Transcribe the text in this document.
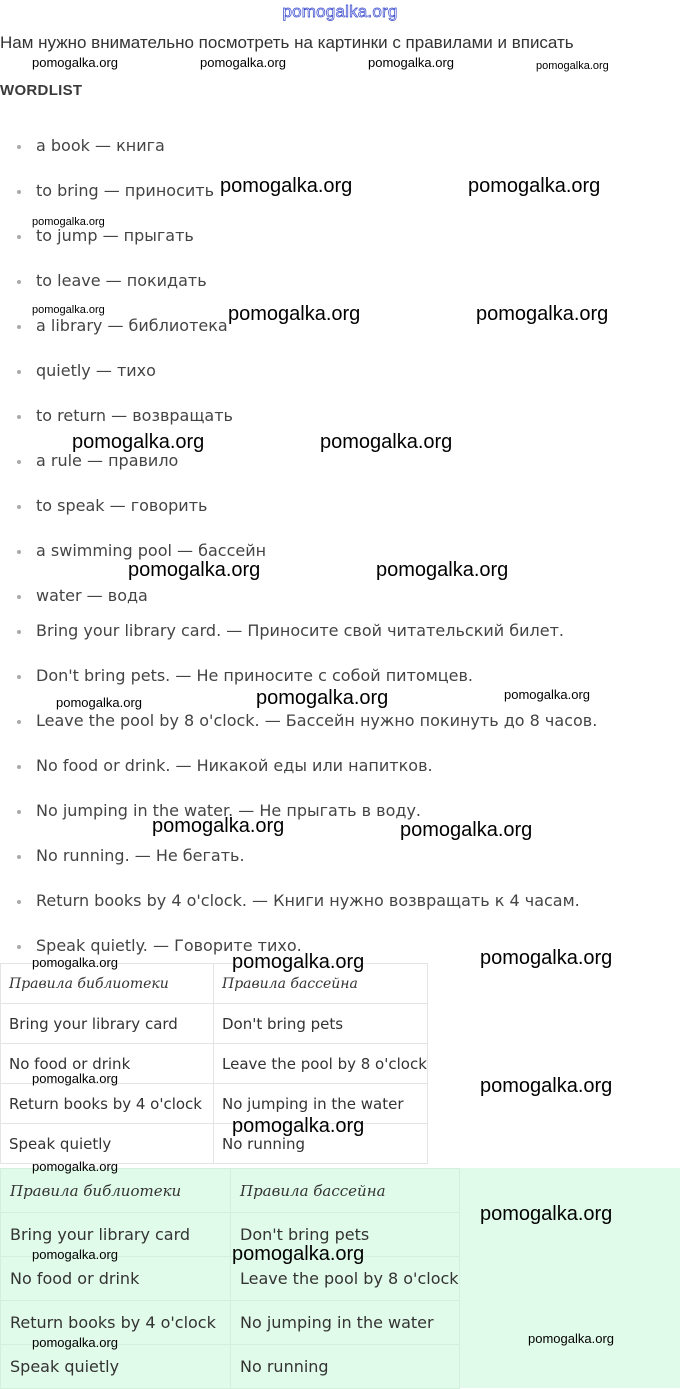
pomogalka.org
Нам нужно внимательно посмотреть на картинки с правилами и вписать
WORDLIST
a book — книга
to bring — приносить
to jump — прыгать
to leave — покидать
a library — библиотека
quietly — тихо
to return — возвращать
a rule — правило
to speak — говорить
a swimming pool — бассейн
water — вода
Bring your library card. — Приносите свой читательский билет.
Don't bring pets. — Не приносите с собой питомцев.
Leave the pool by 8 o'clock. — Бассейн нужно покинуть до 8 часов.
No food or drink. — Никакой еды или напитков.
No jumping in the water. — Не прыгать в воду.
No running. — Не бегать.
Return books by 4 o'clock. — Книги нужно возвращать к 4 часам.
Speak quietly. — Говорите тихо.
Правила библиотеки	Правила бассейна
Bring your library card	Don't bring pets
No food or drink	Leave the pool by 8 o'clock
Return books by 4 o'clock	No jumping in the water
Speak quietly	No running
Правила библиотеки	Правила бассейна
Bring your library card	Don't bring pets
No food or drink	Leave the pool by 8 o'clock
Return books by 4 o'clock	No jumping in the water
Speak quietly	No running
pomogalka.org	pomogalka.org	pomogalka.org	pomogalka.org
pomogalka.org	pomogalka.org
pomogalka.org
pomogalka.org	pomogalka.org	pomogalka.org
pomogalka.org	pomogalka.org
pomogalka.org	pomogalka.org
pomogalka.org	pomogalka.org	pomogalka.org
pomogalka.org	pomogalka.org
pomogalka.org	pomogalka.org	pomogalka.org
pomogalka.org	pomogalka.org
pomogalka.org
pomogalka.org
pomogalka.org
pomogalka.org	pomogalka.org
pomogalka.org	pomogalka.org
